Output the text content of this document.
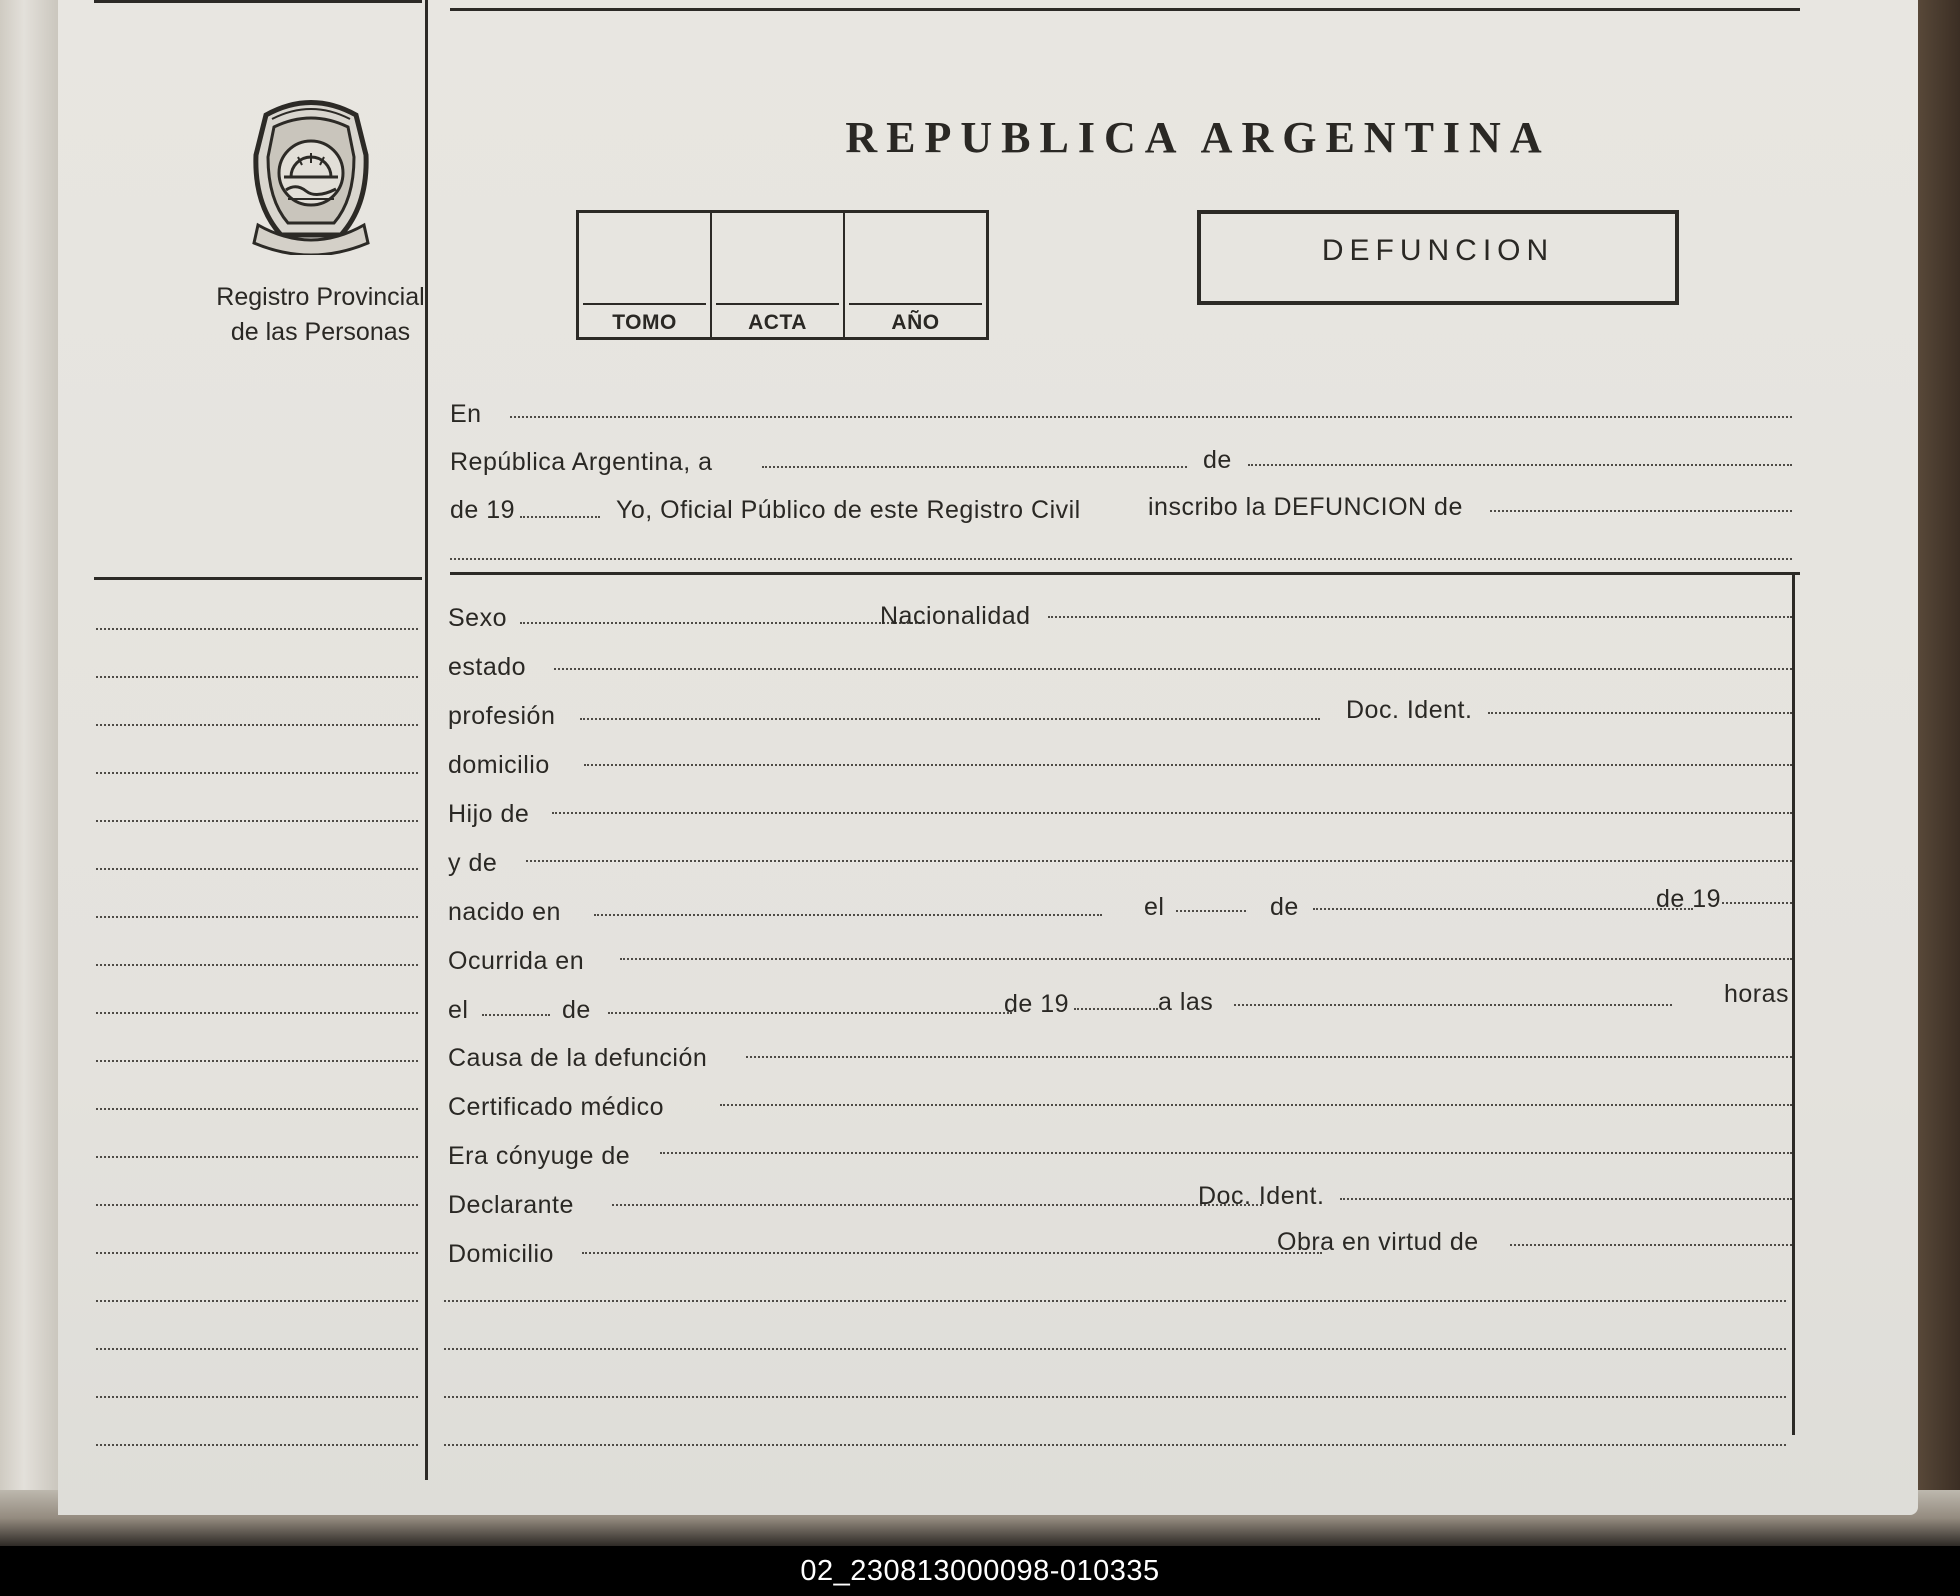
Registro Provincial
de las Personas
REPUBLICA ARGENTINA
TOMO	ACTA	AÑO
DEFUNCION
En
República Argentina, a	de
de 19	Yo, Oficial Público de este Registro Civil	inscribo la DEFUNCION de
Sexo	Nacionalidad
estado
profesión	Doc. Ident.
domicilio
Hijo de
y de
nacido en	el	de	de 19
Ocurrida en
el	de	de 19	a las	horas
Causa de la defunción
Certificado médico
Era cónyuge de
Declarante	Doc. Ident.
Domicilio	Obra en virtud de
02_230813000098-010335
